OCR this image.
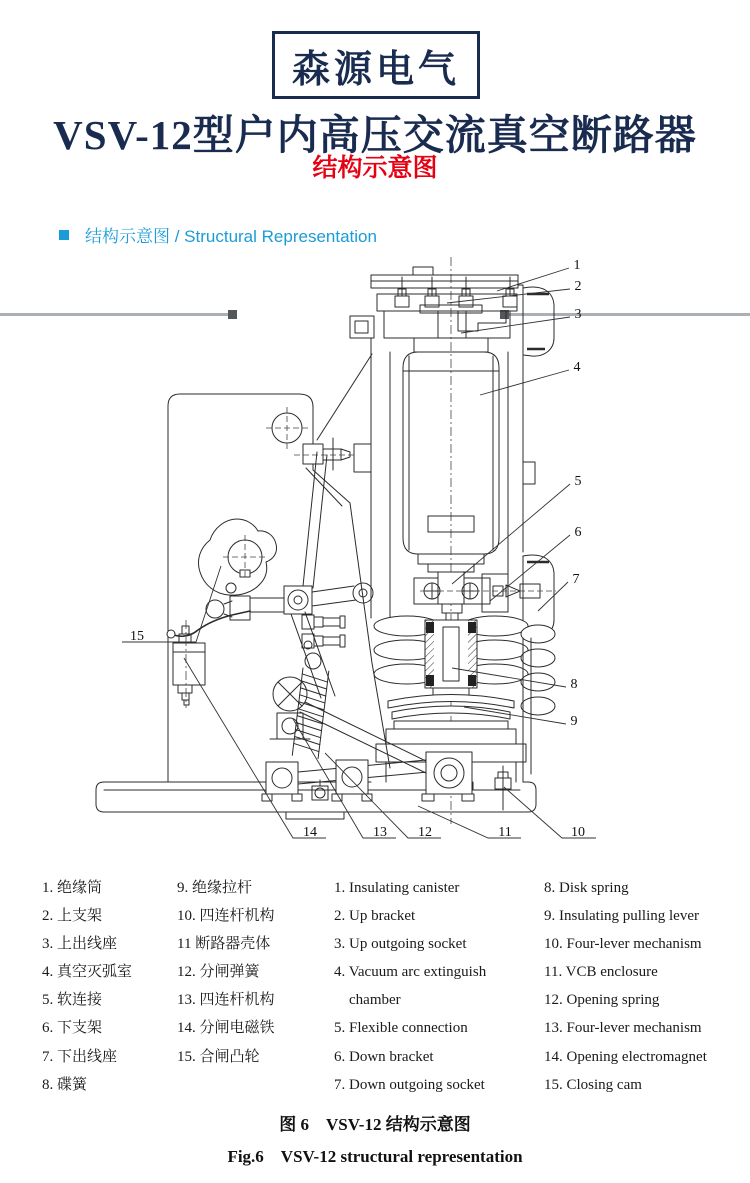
森源电气
VSV-12型户内高压交流真空断路器
结构示意图
结构示意图 / Structural Representation
1
2
3
4
5
6
7
8
9
10
11
12
13
14
15
1. 绝缘筒
2. 上支架
3. 上出线座
4. 真空灭弧室
5. 软连接
6. 下支架
7. 下出线座
8. 碟簧
9. 绝缘拉杆
10. 四连杆机构
11 断路器壳体
12. 分闸弹簧
13. 四连杆机构
14. 分闸电磁铁
15. 合闸凸轮
1. Insulating canister
2. Up bracket
3. Up outgoing socket
4. Vacuum arc extinguish
chamber
5. Flexible connection
6. Down bracket
7. Down outgoing socket
8. Disk spring
9. Insulating pulling lever
10. Four-lever mechanism
11. VCB enclosure
12. Opening spring
13. Four-lever mechanism
14. Opening electromagnet
15. Closing cam
图 6　VSV-12 结构示意图
Fig.6　VSV-12 structural representation
